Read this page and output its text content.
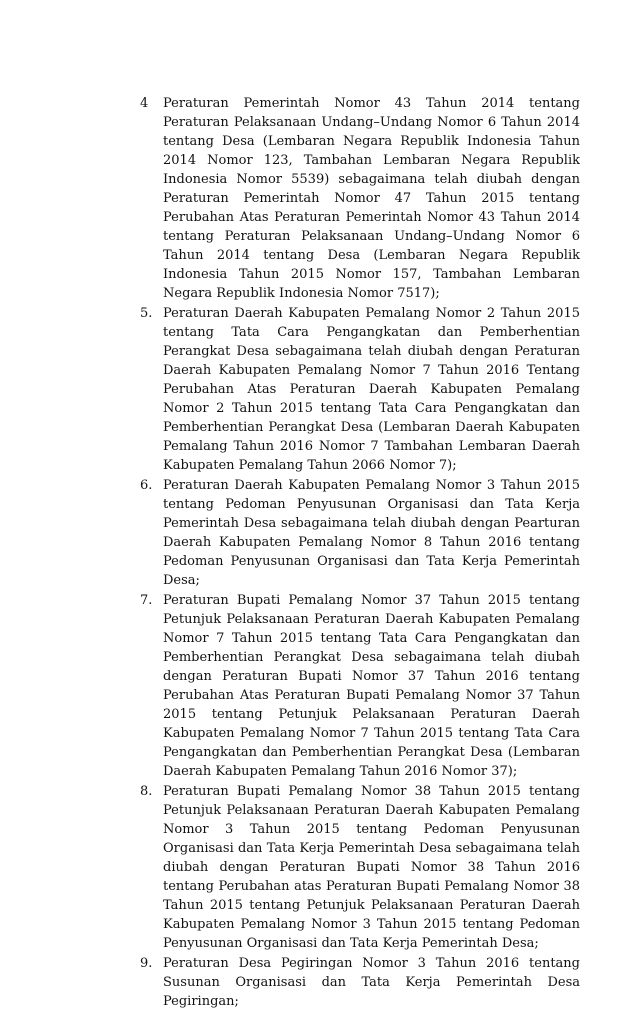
4	Peraturan Pemerintah Nomor 43 Tahun 2014 tentang Peraturan Pelaksanaan Undang–Undang Nomor 6 Tahun 2014 tentang Desa (Lembaran Negara Republik Indonesia Tahun 2014 Nomor 123, Tambahan Lembaran Negara Republik Indonesia Nomor 5539) sebagaimana telah diubah dengan Peraturan Pemerintah Nomor 47 Tahun 2015 tentang Perubahan Atas Peraturan Pemerintah Nomor 43 Tahun 2014 tentang Peraturan Pelaksanaan Undang–Undang Nomor 6 Tahun 2014 tentang Desa (Lembaran Negara Republik Indonesia Tahun 2015 Nomor 157, Tambahan Lembaran Negara Republik Indonesia Nomor 7517);
5. Peraturan Daerah Kabupaten Pemalang Nomor 2 Tahun 2015 tentang Tata Cara Pengangkatan dan Pemberhentian Perangkat Desa sebagaimana telah diubah dengan Peraturan Daerah Kabupaten Pemalang Nomor 7 Tahun 2016 Tentang Perubahan Atas Peraturan Daerah Kabupaten Pemalang Nomor 2 Tahun 2015 tentang Tata Cara Pengangkatan dan Pemberhentian Perangkat Desa (Lembaran Daerah Kabupaten Pemalang Tahun 2016 Nomor 7 Tambahan Lembaran Daerah Kabupaten Pemalang Tahun 2066 Nomor 7);
6. Peraturan Daerah Kabupaten Pemalang Nomor 3 Tahun 2015 tentang Pedoman Penyusunan Organisasi dan Tata Kerja Pemerintah Desa sebagaimana telah diubah dengan Pearturan Daerah Kabupaten Pemalang Nomor 8 Tahun 2016 tentang Pedoman Penyusunan Organisasi dan Tata Kerja Pemerintah Desa;
7. Peraturan Bupati Pemalang Nomor 37 Tahun 2015 tentang Petunjuk Pelaksanaan Peraturan Daerah Kabupaten Pemalang Nomor 7 Tahun 2015 tentang Tata Cara Pengangkatan dan Pemberhentian Perangkat Desa sebagaimana telah diubah dengan Peraturan Bupati Nomor 37 Tahun 2016 tentang Perubahan Atas Peraturan Bupati Pemalang Nomor 37 Tahun 2015 tentang Petunjuk Pelaksanaan Peraturan Daerah Kabupaten Pemalang Nomor 7 Tahun 2015 tentang Tata Cara Pengangkatan dan Pemberhentian Perangkat Desa (Lembaran Daerah Kabupaten Pemalang Tahun 2016 Nomor 37);
8. Peraturan Bupati Pemalang Nomor 38 Tahun 2015 tentang Petunjuk Pelaksanaan Peraturan Daerah Kabupaten Pemalang Nomor 3 Tahun 2015 tentang Pedoman Penyusunan Organisasi dan Tata Kerja Pemerintah Desa sebagaimana telah diubah dengan Peraturan Bupati Nomor 38 Tahun 2016 tentang Perubahan atas Peraturan Bupati Pemalang Nomor 38 Tahun 2015 tentang Petunjuk Pelaksanaan Peraturan Daerah Kabupaten Pemalang Nomor 3 Tahun 2015 tentang Pedoman Penyusunan Organisasi dan Tata Kerja Pemerintah Desa;
9. Peraturan Desa Pegiringan Nomor 3 Tahun 2016 tentang Susunan Organisasi dan Tata Kerja Pemerintah Desa Pegiringan;
